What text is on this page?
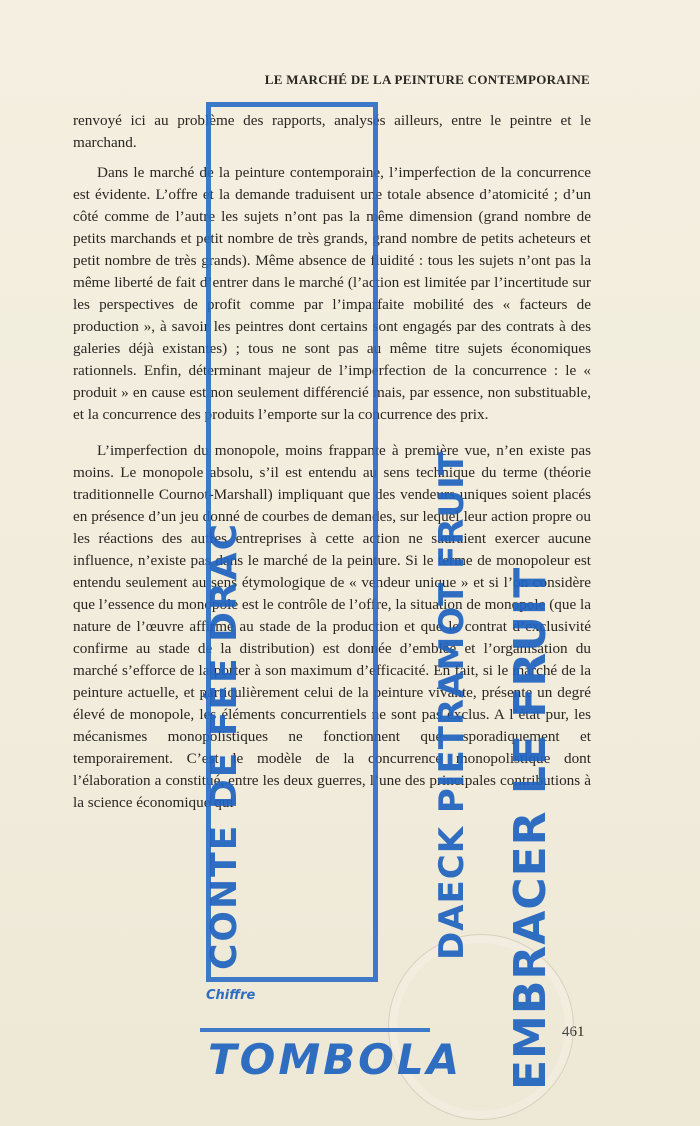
LE MARCHÉ DE LA PEINTURE CONTEMPORAINE

renvoyé ici au problème des rapports, analysés ailleurs, entre le peintre et le marchand.

Dans le marché de la peinture contemporaine, l’imperfection de la concurrence est évidente. L’offre et la demande traduisent une totale absence d’atomicité ; d’un côté comme de l’autre les sujets n’ont pas la même dimension (grand nombre de petits marchands et petit nombre de très grands, grand nombre de petits acheteurs et petit nombre de très grands). Même absence de fluidité : tous les sujets n’ont pas la même liberté de fait d’entrer dans le marché (l’action est limitée par l’incertitude sur les perspectives de profit comme par l’imparfaite mobilité des « facteurs de production », à savoir les peintres dont certains sont engagés par des contrats à des galeries déjà existantes) ; tous ne sont pas au même titre sujets économiques rationnels. Enfin, déterminant majeur de l’imperfection de la concurrence : le « produit » en cause est non seulement différencié mais, par essence, non substituable, et la concurrence des produits l’emporte sur la concurrence des prix.

L’imperfection du monopole, moins frappante à première vue, n’en existe pas moins. Le monopole absolu, s’il est entendu au sens technique du terme (théorie traditionnelle Cournot-Marshall) impliquant que des vendeurs uniques soient placés en présence d’un jeu donné de courbes de demandes, sur lequel leur action propre ou les réactions des autres entreprises à cette action ne sauraient exercer aucune influence, n’existe pas dans le marché de la peinture. Si le terme de monopoleur est entendu seulement au sens étymologique de « vendeur unique » et si l’on considère que l’essence du monopole est le contrôle de l’offre, la situation de monopole (que la nature de l’œuvre affirme au stade de la production et que le contrat d’exclusivité confirme au stade de la distribution) est donnée d’emblée et l’organisation du marché s’efforce de la porter à son maximum d’efficacité. En fait, si le marché de la peinture actuelle, et particulièrement celui de la peinture vivante, présente un degré élevé de monopole, les éléments concurrentiels ne sont pas exclus. A l’état pur, les mécanismes monopolistiques ne fonctionnent que sporadiquement et temporairement. C’est le modèle de la concurrence monopolistique dont l’élaboration a constitué, entre les deux guerres, l’une des principales contributions à la science économique qui

461
CONTE DE FÉE DRAC	DAECK PIETRAMOT FRUIT EMBRACER LE FRUIT
Chiffre
TOMBOLA
